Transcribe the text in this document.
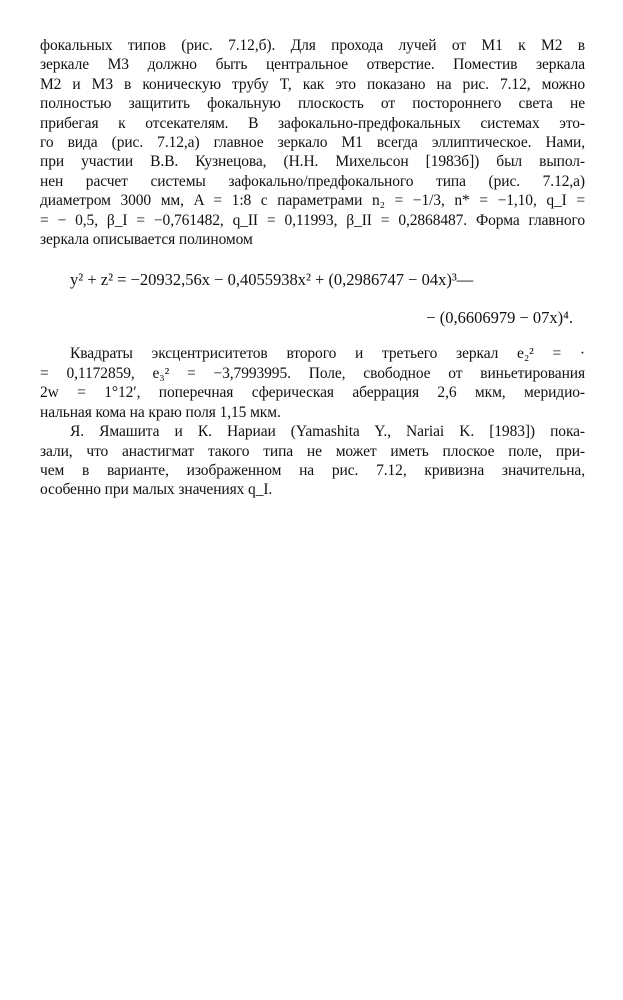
фокальных типов (рис. 7.12,б). Для прохода лучей от М1 к М2 в
зеркале М3 должно быть центральное отверстие. Поместив зеркала
М2 и М3 в коническую трубу T, как это показано на рис. 7.12, можно
полностью защитить фокальную плоскость от постороннего света не
прибегая к отсекателям. В зафокально-предфокальных системах это-
го вида (рис. 7.12,а) главное зеркало М1 всегда эллиптическое. Нами,
при участии В.В. Кузнецова, (Н.Н. Михельсон [1983б]) был выпол-
нен расчет системы зафокально/предфокального типа (рис. 7.12,а)
диаметром 3000 мм, A = 1:8 с параметрами n₂ = −1/3, n* = −1,10, q_I =
= − 0,5, β_I = −0,761482, q_II = 0,11993, β_II = 0,2868487. Форма главного
зеркала описывается полиномом

y² + z² = −20932,56x − 0,4055938x² + (0,2986747 − 04x)³—
− (0,6606979 − 07x)⁴.

Квадраты эксцентриситетов второго и третьего зеркал e₂² = ·
= 0,1172859, e₃² = −3,7993995. Поле, свободное от виньетирования
2w = 1°12′, поперечная сферическая аберрация 2,6 мкм, меридио-
нальная кома на краю поля 1,15 мкм.

Я. Ямашита и К. Нариаи (Yamashita Y., Nariai K. [1983]) пока-
зали, что анастигмат такого типа не может иметь плоское поле, при-
чем в варианте, изображенном на рис. 7.12, кривизна значительна,
особенно при малых значениях q_I.
